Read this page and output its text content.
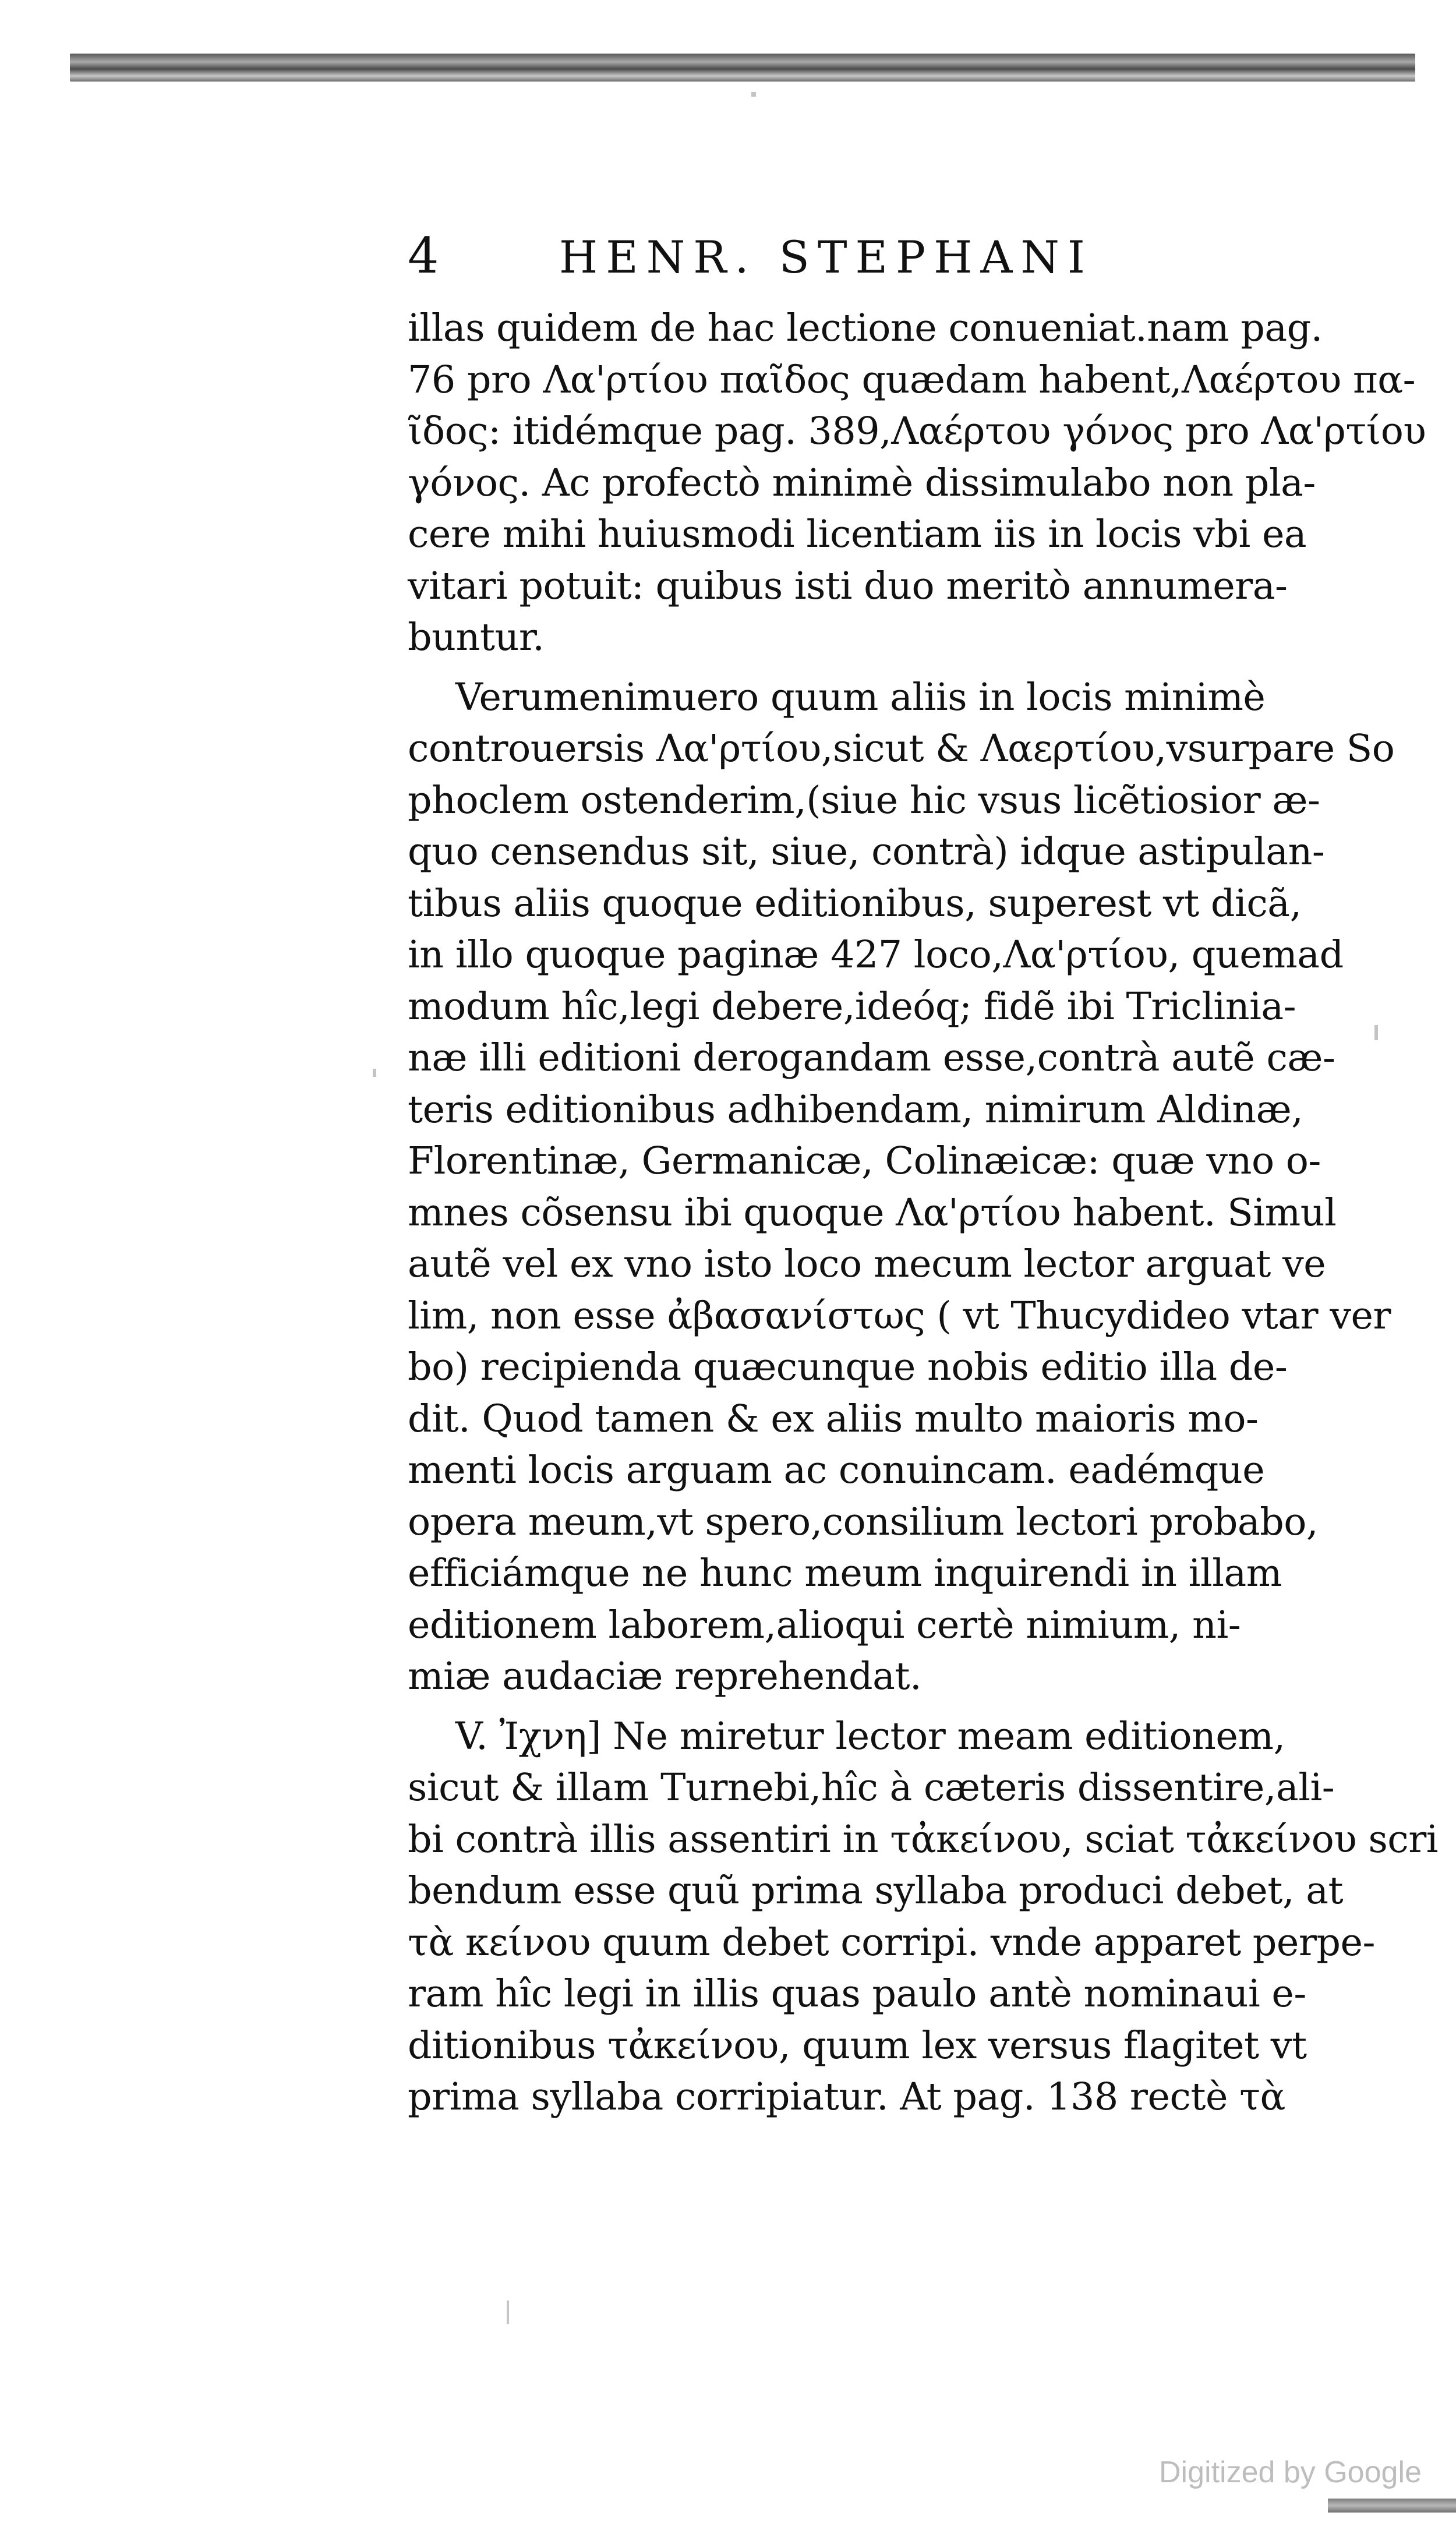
4	HENR. STEPHANI
illas quidem de hac lectione conueniat.nam pag.
76 pro Λα'ρτίου παῖδος quædam habent,Λαέρτου πα-
ῖδος: itidémque pag. 389,Λαέρτου γόνος pro Λα'ρτίου
γόνος. Ac profectò minimè dissimulabo non pla-
cere mihi huiusmodi licentiam iis in locis vbi ea
vitari potuit: quibus isti duo meritò annumera-
buntur.
Verumenimuero quum aliis in locis minimè
controuersis Λα'ρτίου,sicut & Λαερτίου,vsurpare So
phoclem ostenderim,(siue hic vsus licẽtiosior æ-
quo censendus sit, siue, contrà) idque astipulan-
tibus aliis quoque editionibus, superest vt dicã,
in illo quoque paginæ 427 loco,Λα'ρτίου, quemad
modum hîc,legi debere,ideóq; fidẽ ibi Tricliniа-
næ illi editioni derogandam esse,contrà autẽ cæ-
teris editionibus adhibendam, nimirum Aldinæ,
Florentinæ, Germanicæ, Colinæicæ: quæ vno o-
mnes cõsensu ibi quoque Λα'ρτίου habent. Simul
autẽ vel ex vno isto loco mecum lector arguat ve
lim, non esse ἀβασανίστως ( vt Thucydideo vtar ver
bo) recipienda quæcunque nobis editio illa de-
dit. Quod tamen & ex aliis multo maioris mo-
menti locis arguam ac conuincam. eadémque
opera meum,vt spero,consilium lectori probabo,
efficiámque ne hunc meum inquirendi in illam
editionem laborem,alioqui certè nimium, ni-
miæ audaciæ reprehendat.
V. Ἰχνη] Ne miretur lector meam editionem,
sicut & illam Turnebi,hîc à cæteris dissentire,ali-
bi contrà illis assentiri in τἀκείνου, sciat τἀκείνου scri
bendum esse quũ prima syllaba produci debet, at
τὰ κείνου quum debet corripi. vnde apparet perpe-
ram hîc legi in illis quas paulo antè nominaui e-
ditionibus τἀκείνου, quum lex versus flagitet vt
prima syllaba corripiatur. At pag. 138 rectè τὰ
Digitized by Google
